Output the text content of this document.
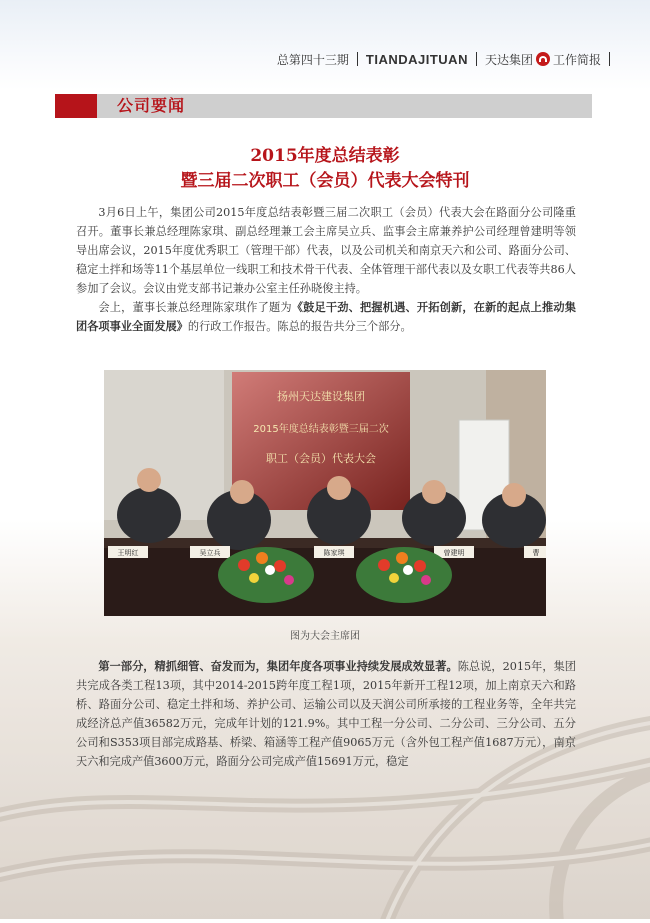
总第四十三期 TIANDAJITUAN 天达集团 工作简报
公司要闻
2015年度总结表彰
暨三届二次职工（会员）代表大会特刊

3月6日上午，集团公司2015年度总结表彰暨三届二次职工（会员）代表大会在路面分公司隆重召开。董事长兼总经理陈家琪、副总经理兼工会主席吴立兵、监事会主席兼养护公司经理曾建明等领导出席会议，2015年度优秀职工（管理干部）代表，以及公司机关和南京天六和公司、路面分公司、稳定土拌和场等11个基层单位一线职工和技术骨干代表、全体管理干部代表以及女职工代表等共86人参加了会议。会议由党支部书记兼办公室主任孙晓俊主持。

会上，董事长兼总经理陈家琪作了题为《鼓足干劲、把握机遇、开拓创新，在新的起点上推动集团各项事业全面发展》的行政工作报告。陈总的报告共分三个部分。

扬州天达建设集团
2015年度总结表彰暨三届二次
职工（会员）代表大会
王明红	吴立兵	陈家琪	曾建明	曹
图为大会主席团

第一部分，精抓细管、奋发而为，集团年度各项事业持续发展成效显著。陈总说，2015年，集团共完成各类工程13项，其中2014-2015跨年度工程1项，2015年新开工程12项，加上南京天六和路桥、路面分公司、稳定土拌和场、养护公司、运输公司以及天润公司所承接的工程业务等，全年共完成经济总产值36582万元，完成年计划的121.9%。其中工程一分公司、二分公司、三分公司、五分公司和S353项目部完成路基、桥梁、箱涵等工程产值9065万元（含外包工程产值1687万元），南京天六和完成产值3600万元，路面分公司完成产值15691万元，稳定
